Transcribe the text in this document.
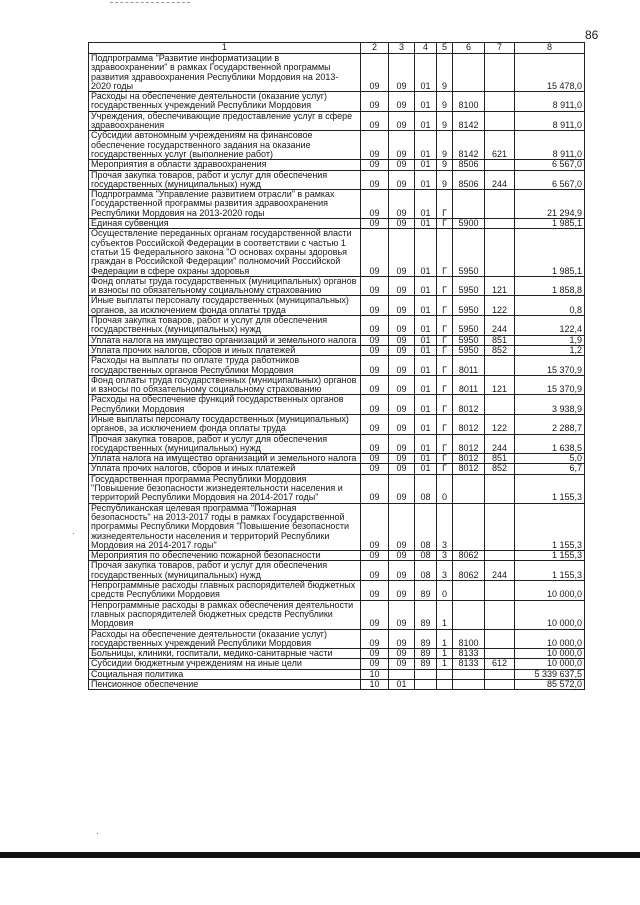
86
1	2	3	4	5	6	7	8
Подпрограмма "Развитие информатизации в здравоохранении" в рамках Государственной программы развития здравоохранения Республики Мордовия на 2013-2020 годы	09	09	01	9			15 478,0
Расходы на обеспечение деятельности (оказание услуг) государственных учреждений Республики Мордовия	09	09	01	9	8100		8 911,0
Учреждения, обеспечивающие предоставление услуг в сфере здравоохранения	09	09	01	9	8142		8 911,0
Субсидии автономным учреждениям на финансовое обеспечение государственного задания на оказание государственных услуг (выполнение работ)	09	09	01	9	8142	621	8 911,0
Мероприятия в области здравоохранения	09	09	01	9	8506		6 567,0
Прочая закупка товаров, работ и услуг для обеспечения государственных (муниципальных) нужд	09	09	01	9	8506	244	6 567,0
Подпрограмма "Управление развитием отрасли" в рамках Государственной программы развития здравоохранения Республики Мордовия на 2013-2020 годы	09	09	01	Г			21 294,9
Единая субвенция	09	09	01	Г	5900		1 985,1
Осуществление переданных органам государственной власти субъектов Российской Федерации в соответствии с частью 1 статьи 15 Федерального закона "О основах охраны здоровья граждан в Российской Федерации" полномочий Российской Федерации в сфере охраны здоровья	09	09	01	Г	5950		1 985,1
Фонд оплаты труда государственных (муниципальных) органов и взносы по обязательному социальному страхованию	09	09	01	Г	5950	121	1 858,8
Иные выплаты персоналу государственных (муниципальных) органов, за исключением фонда оплаты труда	09	09	01	Г	5950	122	0,8
Прочая закупка товаров, работ и услуг для обеспечения государственных (муниципальных) нужд	09	09	01	Г	5950	244	122,4
Уплата налога на имущество организаций и земельного налога	09	09	01	Г	5950	851	1,9
Уплата прочих налогов, сборов и иных платежей	09	09	01	Г	5950	852	1,2
Расходы на выплаты по оплате труда работников государственных органов Республики Мордовия	09	09	01	Г	8011		15 370,9
Фонд оплаты труда государственных (муниципальных) органов и взносы по обязательному социальному страхованию	09	09	01	Г	8011	121	15 370,9
Расходы на обеспечение функций государственных органов Республики Мордовия	09	09	01	Г	8012		3 938,9
Иные выплаты персоналу государственных (муниципальных) органов, за исключением фонда оплаты труда	09	09	01	Г	8012	122	2 288,7
Прочая закупка товаров, работ и услуг для обеспечения государственных (муниципальных) нужд	09	09	01	Г	8012	244	1 638,5
Уплата налога на имущество организаций и земельного налога	09	09	01	Г	8012	851	5,0
Уплата прочих налогов, сборов и иных платежей	09	09	01	Г	8012	852	6,7
Государственная программа Республики Мордовия "Повышение безопасности жизнедеятельности населения и территорий Республики Мордовия на 2014-2017 годы"	09	09	08	0			1 155,3
Республиканская целевая программа "Пожарная безопасность" на 2013-2017 годы в рамках Государственной программы Республики Мордовия "Повышение безопасности жизнедеятельности населения и территорий Республики Мордовия на 2014-2017 годы"	09	09	08	3			1 155,3
Мероприятия по обеспечению пожарной безопасности	09	09	08	3	8062		1 155,3
Прочая закупка товаров, работ и услуг для обеспечения государственных (муниципальных) нужд	09	09	08	3	8062	244	1 155,3
Непрограммные расходы главных распорядителей бюджетных средств Республики Мордовия	09	09	89	0			10 000,0
Непрограммные расходы в рамках обеспечения деятельности главных распорядителей бюджетных средств Республики Мордовия	09	09	89	1			10 000,0
Расходы на обеспечение деятельности (оказание услуг) государственных учреждений Республики Мордовия	09	09	89	1	8100		10 000,0
Больницы, клиники, госпитали, медико-санитарные части	09	09	89	1	8133		10 000,0
Субсидии бюджетным учреждениям на иные цели	09	09	89	1	8133	612	10 000,0
Социальная политика	10						5 339 637,5
Пенсионное обеспечение	10	01					85 572,0
·
·
